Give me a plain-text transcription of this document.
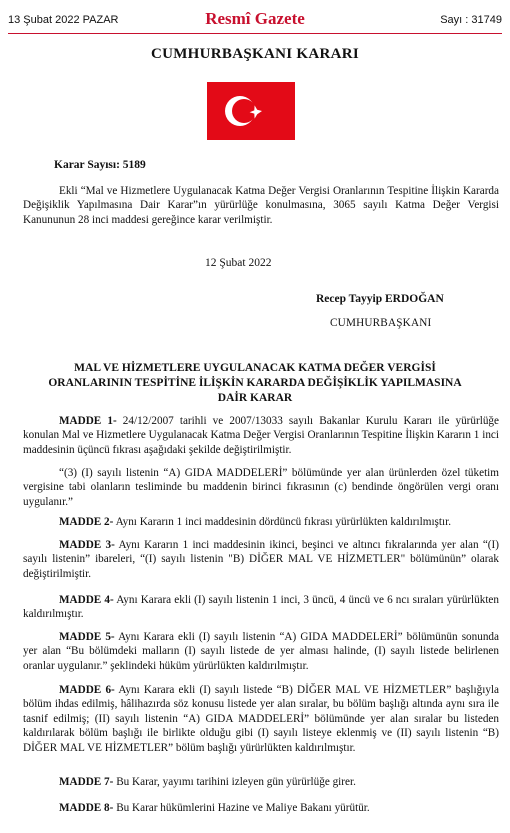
13 Şubat 2022 PAZAR	Resmî Gazete	Sayı : 31749
CUMHURBAŞKANI KARARI
Karar Sayısı: 5189
Ekli “Mal ve Hizmetlere Uygulanacak Katma Değer Vergisi Oranlarının Tespitine İlişkin Kararda Değişiklik Yapılmasına Dair Karar”ın yürürlüğe konulmasına, 3065 sayılı Katma Değer Vergisi Kanununun 28 inci maddesi gereğince karar verilmiştir.
12 Şubat 2022
Recep Tayyip ERDOĞAN
CUMHURBAŞKANI
MAL VE HİZMETLERE UYGULANACAK KATMA DEĞER VERGİSİ
ORANLARININ TESPİTİNE İLİŞKİN KARARDA DEĞİŞİKLİK YAPILMASINA
DAİR KARAR
MADDE 1- 24/12/2007 tarihli ve 2007/13033 sayılı Bakanlar Kurulu Kararı ile yürürlüğe konulan Mal ve Hizmetlere Uygulanacak Katma Değer Vergisi Oranlarının Tespitine İlişkin Kararın 1 inci maddesinin üçüncü fıkrası aşağıdaki şekilde değiştirilmiştir.
“(3) (I) sayılı listenin “A) GIDA MADDELERİ” bölümünde yer alan ürünlerden özel tüketim vergisine tabi olanların tesliminde bu maddenin birinci fıkrasının (c) bendinde öngörülen vergi oranı uygulanır.”
MADDE 2- Aynı Kararın 1 inci maddesinin dördüncü fıkrası yürürlükten kaldırılmıştır.
MADDE 3- Aynı Kararın 1 inci maddesinin ikinci, beşinci ve altıncı fıkralarında yer alan “(I) sayılı listenin” ibareleri, “(I) sayılı listenin "B) DİĞER MAL VE HİZMETLER" bölümünün” olarak değiştirilmiştir.
MADDE 4- Aynı Karara ekli (I) sayılı listenin 1 inci, 3 üncü, 4 üncü ve 6 ncı sıraları yürürlükten kaldırılmıştır.
MADDE 5- Aynı Karara ekli (I) sayılı listenin “A) GIDA MADDELERİ” bölümünün sonunda yer alan “Bu bölümdeki malların (I) sayılı listede de yer alması halinde, (I) sayılı listede belirlenen oranlar uygulanır.” şeklindeki hüküm yürürlükten kaldırılmıştır.
MADDE 6- Aynı Karara ekli (I) sayılı listede “B) DİĞER MAL VE HİZMETLER” başlığıyla bölüm ihdas edilmiş, hâlihazırda söz konusu listede yer alan sıralar, bu bölüm başlığı altında aynı sıra ile tasnif edilmiş; (II) sayılı listenin “A) GIDA MADDELERİ” bölümünde yer alan sıralar bu listeden kaldırılarak bölüm başlığı ile birlikte olduğu gibi (I) sayılı listeye eklenmiş ve (II) sayılı listenin “B) DİĞER MAL VE HİZMETLER” bölüm başlığı yürürlükten kaldırılmıştır.
MADDE 7- Bu Karar, yayımı tarihini izleyen gün yürürlüğe girer.
MADDE 8- Bu Karar hükümlerini Hazine ve Maliye Bakanı yürütür.
